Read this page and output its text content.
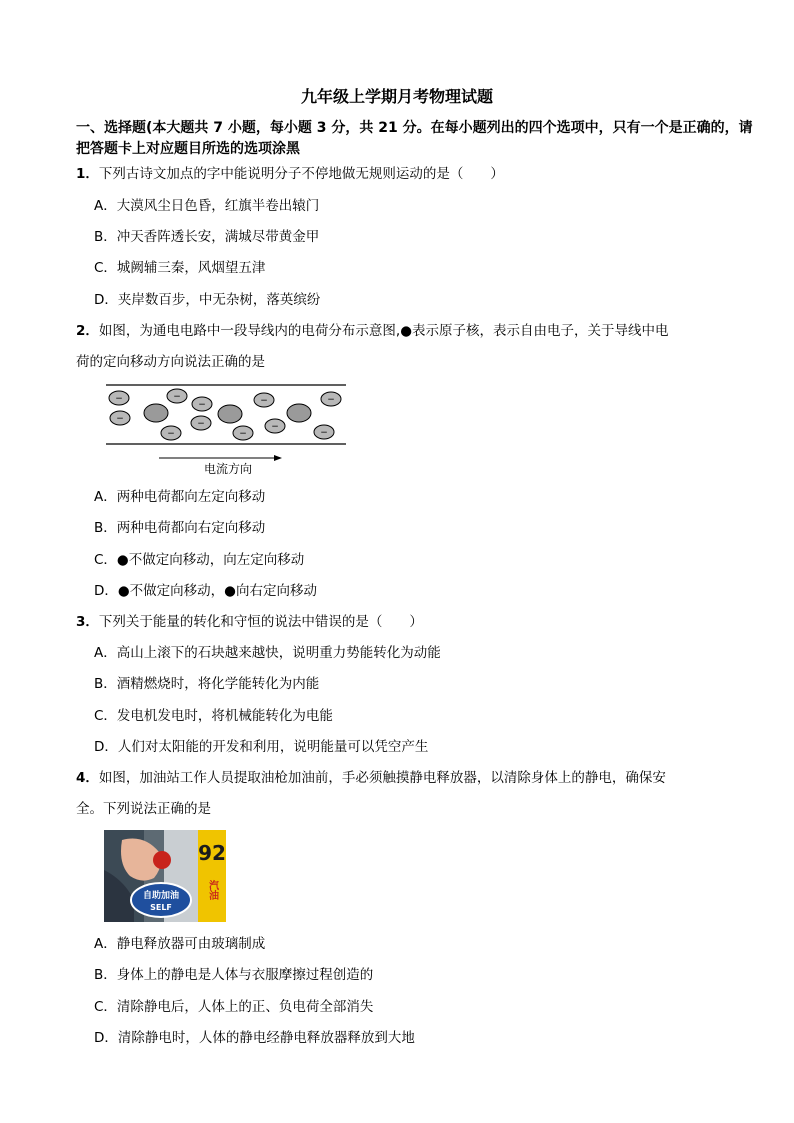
九年级上学期月考物理试题
一、选择题(本大题共 7 小题，每小题 3 分，共 21 分。在每小题列出的四个选项中，只有一个是正确的，请把答题卡上对应题目所选的选项涂黑
1．下列古诗文加点的字中能说明分子不停地做无规则运动的是（　　）
A．大漠风尘日色昏，红旗半卷出辕门
B．冲天香阵透长安，满城尽带黄金甲
C．城阙辅三秦，风烟望五津
D．夹岸数百步，中无杂树，落英缤纷
2．如图，为通电电路中一段导线内的电荷分布示意图,●表示原子核，表示自由电子，关于导线中电
荷的定向移动方向说法正确的是
−
−
−
−
−
−
−
−
−
−
−
电流方向
A．两种电荷都向左定向移动
B．两种电荷都向右定向移动
C．●不做定向移动，向左定向移动
D．●不做定向移动，●向右定向移动
3．下列关于能量的转化和守恒的说法中错误的是（　　）
A．高山上滚下的石块越来越快，说明重力势能转化为动能
B．酒精燃烧时，将化学能转化为内能
C．发电机发电时，将机械能转化为电能
D．人们对太阳能的开发和利用，说明能量可以凭空产生
4．如图，加油站工作人员提取油枪加油前，手必须触摸静电释放器，以清除身体上的静电，确保安
全。下列说法正确的是
自助加油
SELF
92
汽油
A．静电释放器可由玻璃制成
B．身体上的静电是人体与衣服摩擦过程创造的
C．清除静电后，人体上的正、负电荷全部消失
D．清除静电时，人体的静电经静电释放器释放到大地
